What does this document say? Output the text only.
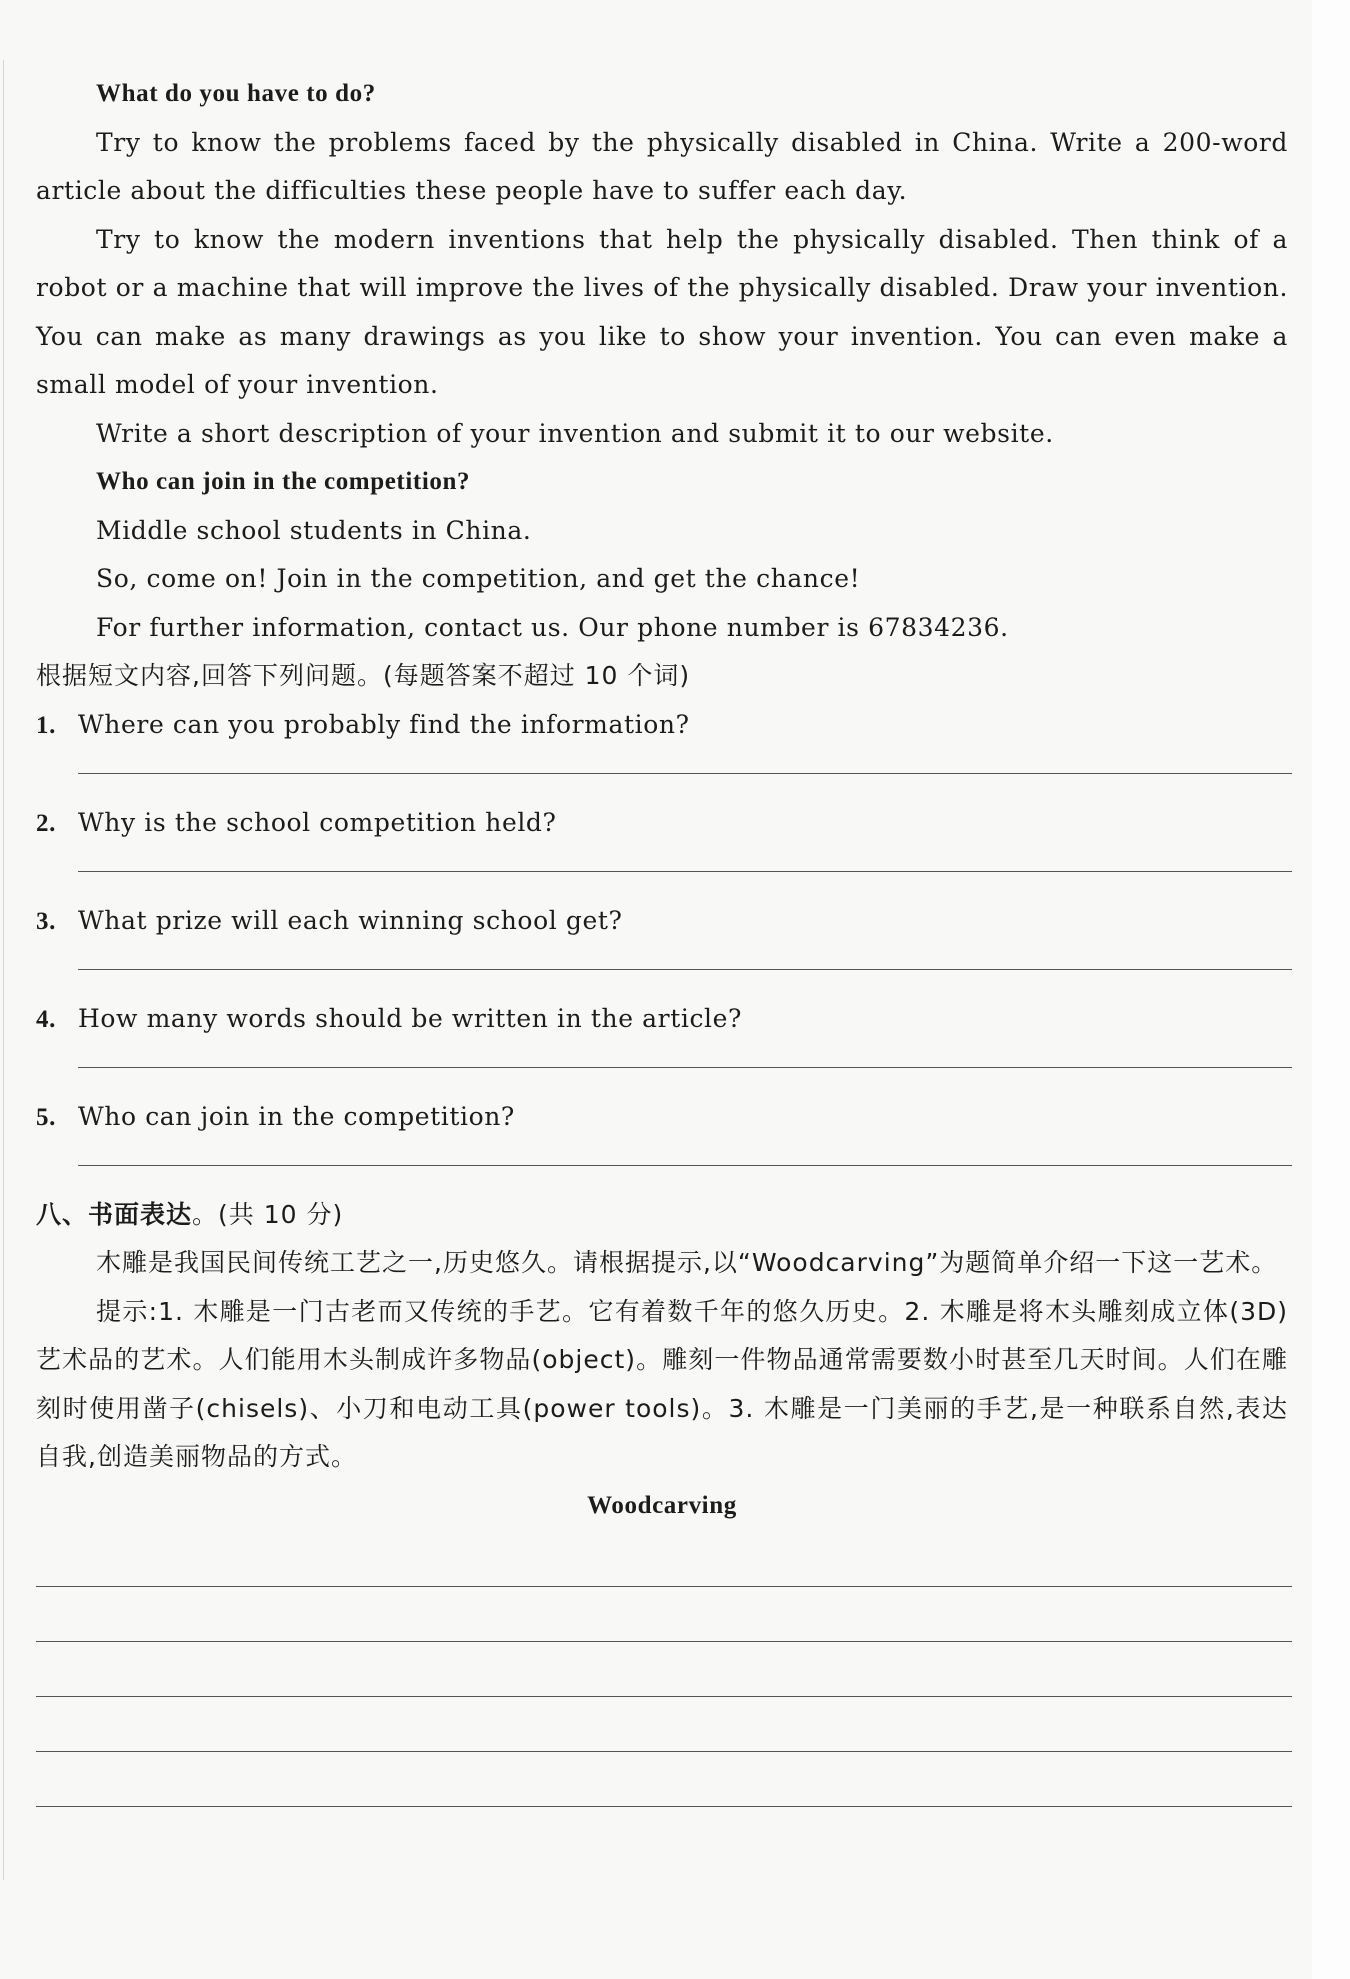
What do you have to do?

Try to know the problems faced by the physically disabled in China. Write a 200-word article about the difficulties these people have to suffer each day.

Try to know the modern inventions that help the physically disabled. Then think of a robot or a machine that will improve the lives of the physically disabled. Draw your invention. You can make as many drawings as you like to show your invention. You can even make a small model of your invention.

Write a short description of your invention and submit it to our website.

Who can join in the competition?

Middle school students in China.

So, come on! Join in the competition, and get the chance!

For further information, contact us. Our phone number is 67834236.

根据短文内容,回答下列问题。(每题答案不超过 10 个词)

1. Where can you probably find the information?
2. Why is the school competition held?
3. What prize will each winning school get?
4. How many words should be written in the article?
5. Who can join in the competition?

八、书面表达。(共 10 分)

木雕是我国民间传统工艺之一,历史悠久。请根据提示,以“Woodcarving”为题简单介绍一下这一艺术。

提示:1. 木雕是一门古老而又传统的手艺。它有着数千年的悠久历史。2. 木雕是将木头雕刻成立体(3D)艺术品的艺术。人们能用木头制成许多物品(object)。雕刻一件物品通常需要数小时甚至几天时间。人们在雕刻时使用凿子(chisels)、小刀和电动工具(power tools)。3. 木雕是一门美丽的手艺,是一种联系自然,表达自我,创造美丽物品的方式。

Woodcarving
